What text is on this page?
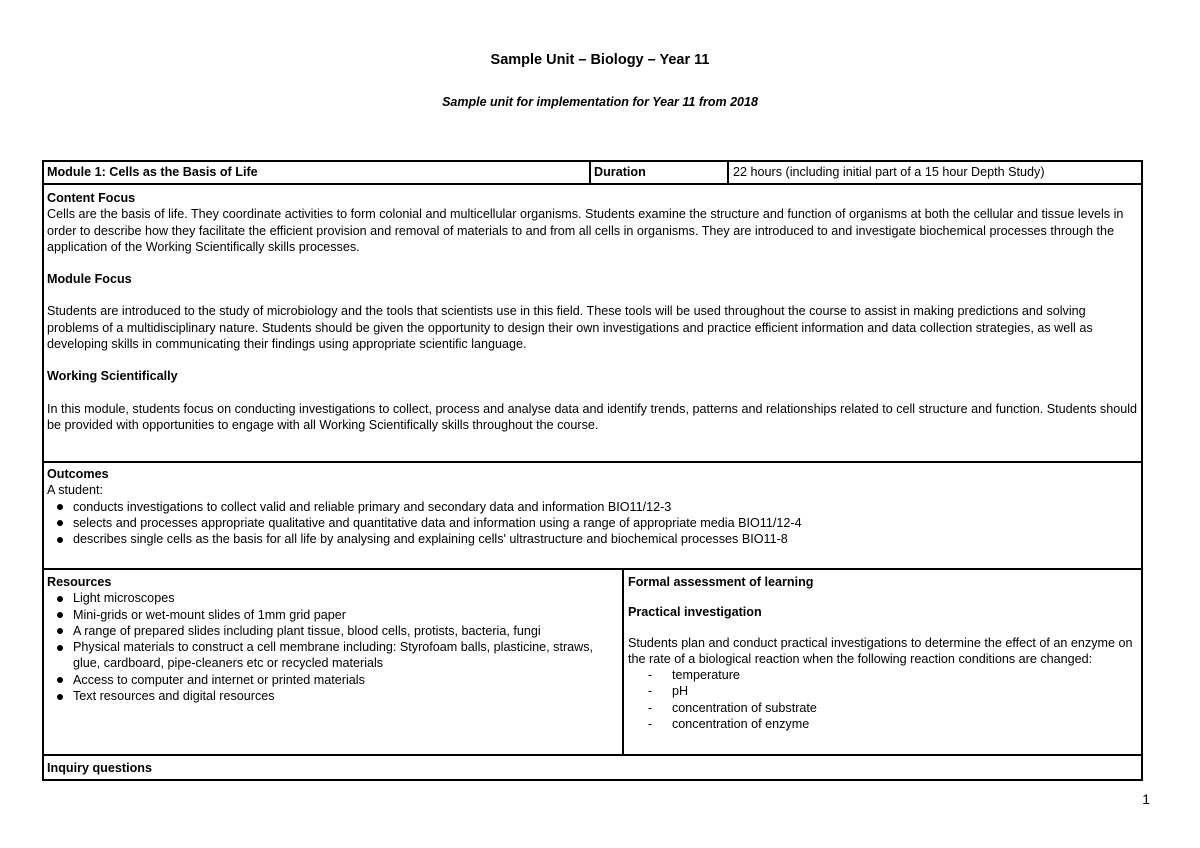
Sample Unit – Biology – Year 11
Sample unit for implementation for Year 11 from 2018
Module 1: Cells as the Basis of Life	Duration	22 hours (including initial part of a 15 hour Depth Study)

Content Focus

Cells are the basis of life. They coordinate activities to form colonial and multicellular organisms. Students examine the structure and function of organisms at both the cellular and tissue levels in order to describe how they facilitate the efficient provision and removal of materials to and from all cells in organisms. They are introduced to and investigate biochemical processes through the application of the Working Scientifically skills processes.

Module Focus

Students are introduced to the study of microbiology and the tools that scientists use in this field. These tools will be used throughout the course to assist in making predictions and solving problems of a multidisciplinary nature. Students should be given the opportunity to design their own investigations and practice efficient information and data collection strategies, as well as developing skills in communicating their findings using appropriate scientific language.

Working Scientifically

In this module, students focus on conducting investigations to collect, process and analyse data and identify trends, patterns and relationships related to cell structure and function. Students should be provided with opportunities to engage with all Working Scientifically skills throughout the course.

Outcomes

A student:

conducts investigations to collect valid and reliable primary and secondary data and information BIO11/12-3
selects and processes appropriate qualitative and quantitative data and information using a range of appropriate media BIO11/12-4
describes single cells as the basis for all life by analysing and explaining cells' ultrastructure and biochemical processes BIO11-8

Resources

Light microscopes
Mini-grids or wet-mount slides of 1mm grid paper
A range of prepared slides including plant tissue, blood cells, protists, bacteria, fungi
Physical materials to construct a cell membrane including: Styrofoam balls, plasticine, straws, glue, cardboard, pipe-cleaners etc or recycled materials
Access to computer and internet or printed materials
Text resources and digital resources

Formal assessment of learning

Practical investigation

Students plan and conduct practical investigations to determine the effect of an enzyme on the rate of a biological reaction when the following reaction conditions are changed:

- temperature
- pH
- concentration of substrate
- concentration of enzyme
Inquiry questions
1
